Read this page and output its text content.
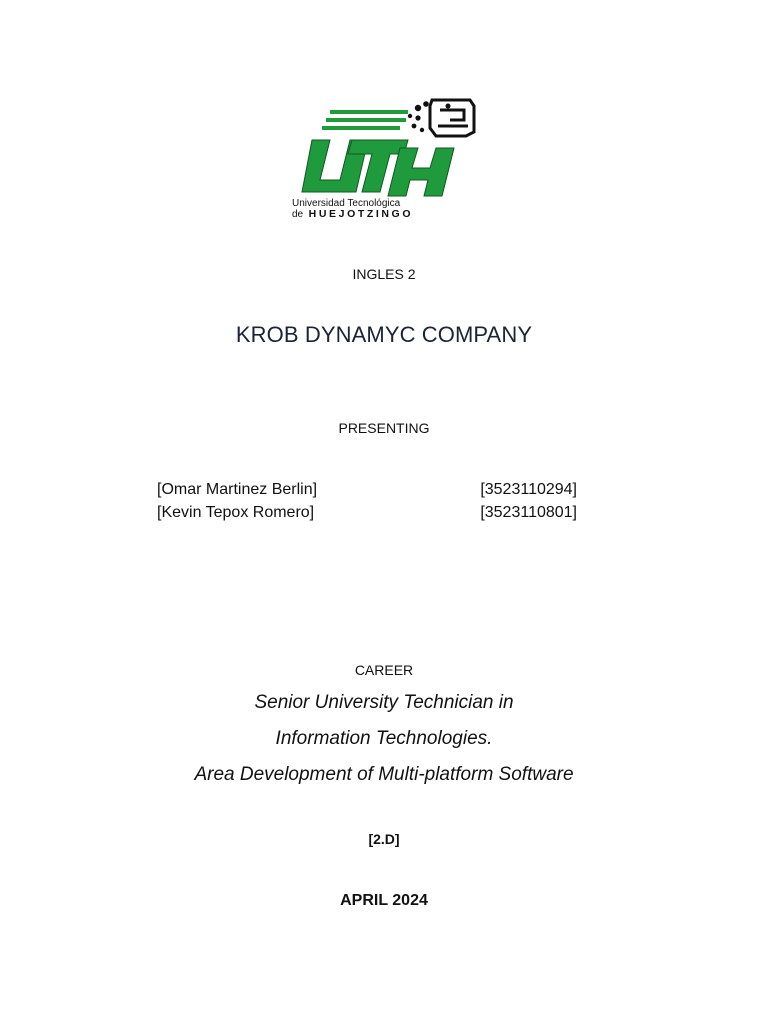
Universidad Tecnológica
de HUEJOTZINGO
INGLES 2
KROB DYNAMYC COMPANY
PRESENTING
[Omar Martinez Berlin]	[3523110294]
[Kevin Tepox Romero]	[3523110801]
CAREER
Senior University Technician in
Information Technologies.
Area Development of Multi-platform Software
[2.D]
APRIL 2024
